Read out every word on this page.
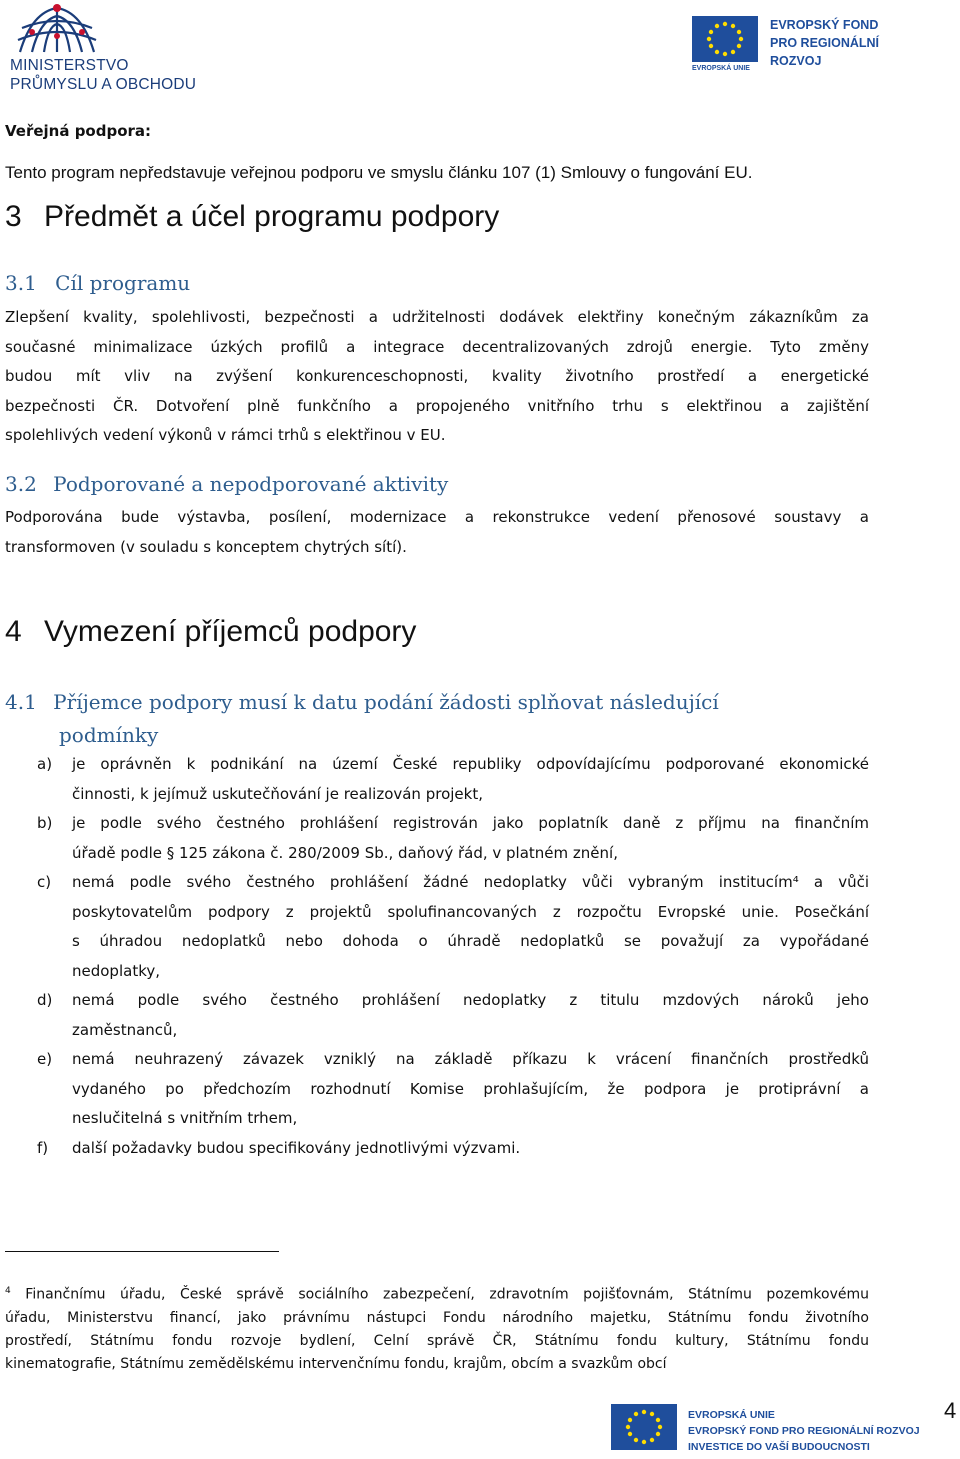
MINISTERSTVO
PRŮMYSLU A OBCHODU
EVROPSKÁ UNIE
EVROPSKÝ FOND
PRO REGIONÁLNÍ
ROZVOJ
Veřejná podpora:
Tento program nepředstavuje veřejnou podporu ve smyslu článku 107 (1) Smlouvy o fungování EU.
3 Předmět a účel programu podpory
3.1 Cíl programu
Zlepšení kvality, spolehlivosti, bezpečnosti a udržitelnosti dodávek elektřiny konečným zákazníkům za
současné minimalizace úzkých profilů a integrace decentralizovaných zdrojů energie. Tyto změny
budou mít vliv na zvýšení konkurenceschopnosti, kvality životního prostředí a energetické
bezpečnosti ČR. Dotvoření plně funkčního a propojeného vnitřního trhu s elektřinou a zajištění
spolehlivých vedení výkonů v rámci trhů s elektřinou v EU.
3.2 Podporované a nepodporované aktivity
Podporována bude výstavba, posílení, modernizace a rekonstrukce vedení přenosové soustavy a
transformoven (v souladu s konceptem chytrých sítí).
4 Vymezení příjemců podpory
4.1 Příjemce podpory musí k datu podání žádosti splňovat následující
podmínky
a)	je oprávněn k podnikání na území České republiky odpovídajícímu podporované ekonomické
činnosti, k jejímuž uskutečňování je realizován projekt,
b)	je podle svého čestného prohlášení registrován jako poplatník daně z příjmu na finančním
úřadě podle § 125 zákona č. 280/2009 Sb., daňový řád, v platném znění,
c)	nemá podle svého čestného prohlášení žádné nedoplatky vůči vybraným institucím⁴ a vůči
poskytovatelům podpory z projektů spolufinancovaných z rozpočtu Evropské unie. Posečkání
s úhradou nedoplatků nebo dohoda o úhradě nedoplatků se považují za vypořádané
nedoplatky,
d)	nemá podle svého čestného prohlášení nedoplatky z titulu mzdových nároků jeho
zaměstnanců,
e)	nemá neuhrazený závazek vzniklý na základě příkazu k vrácení finančních prostředků
vydaného po předchozím rozhodnutí Komise prohlašujícím, že podpora je protiprávní a
neslučitelná s vnitřním trhem,
f)	další požadavky budou specifikovány jednotlivými výzvami.
$^4$ Finančnímu úřadu, České správě sociálního zabezpečení, zdravotním pojišťovnám, Státnímu pozemkovému
úřadu, Ministerstvu financí, jako právnímu nástupci Fondu národního majetku, Státnímu fondu životního
prostředí, Státnímu fondu rozvoje bydlení, Celní správě ČR, Státnímu fondu kultury, Státnímu fondu
kinematografie, Státnímu zemědělskému intervenčnímu fondu, krajům, obcím a svazkům obcí
EVROPSKÁ UNIE
EVROPSKÝ FOND PRO REGIONÁLNÍ ROZVOJ
INVESTICE DO VAŠÍ BUDOUCNOSTI
4
